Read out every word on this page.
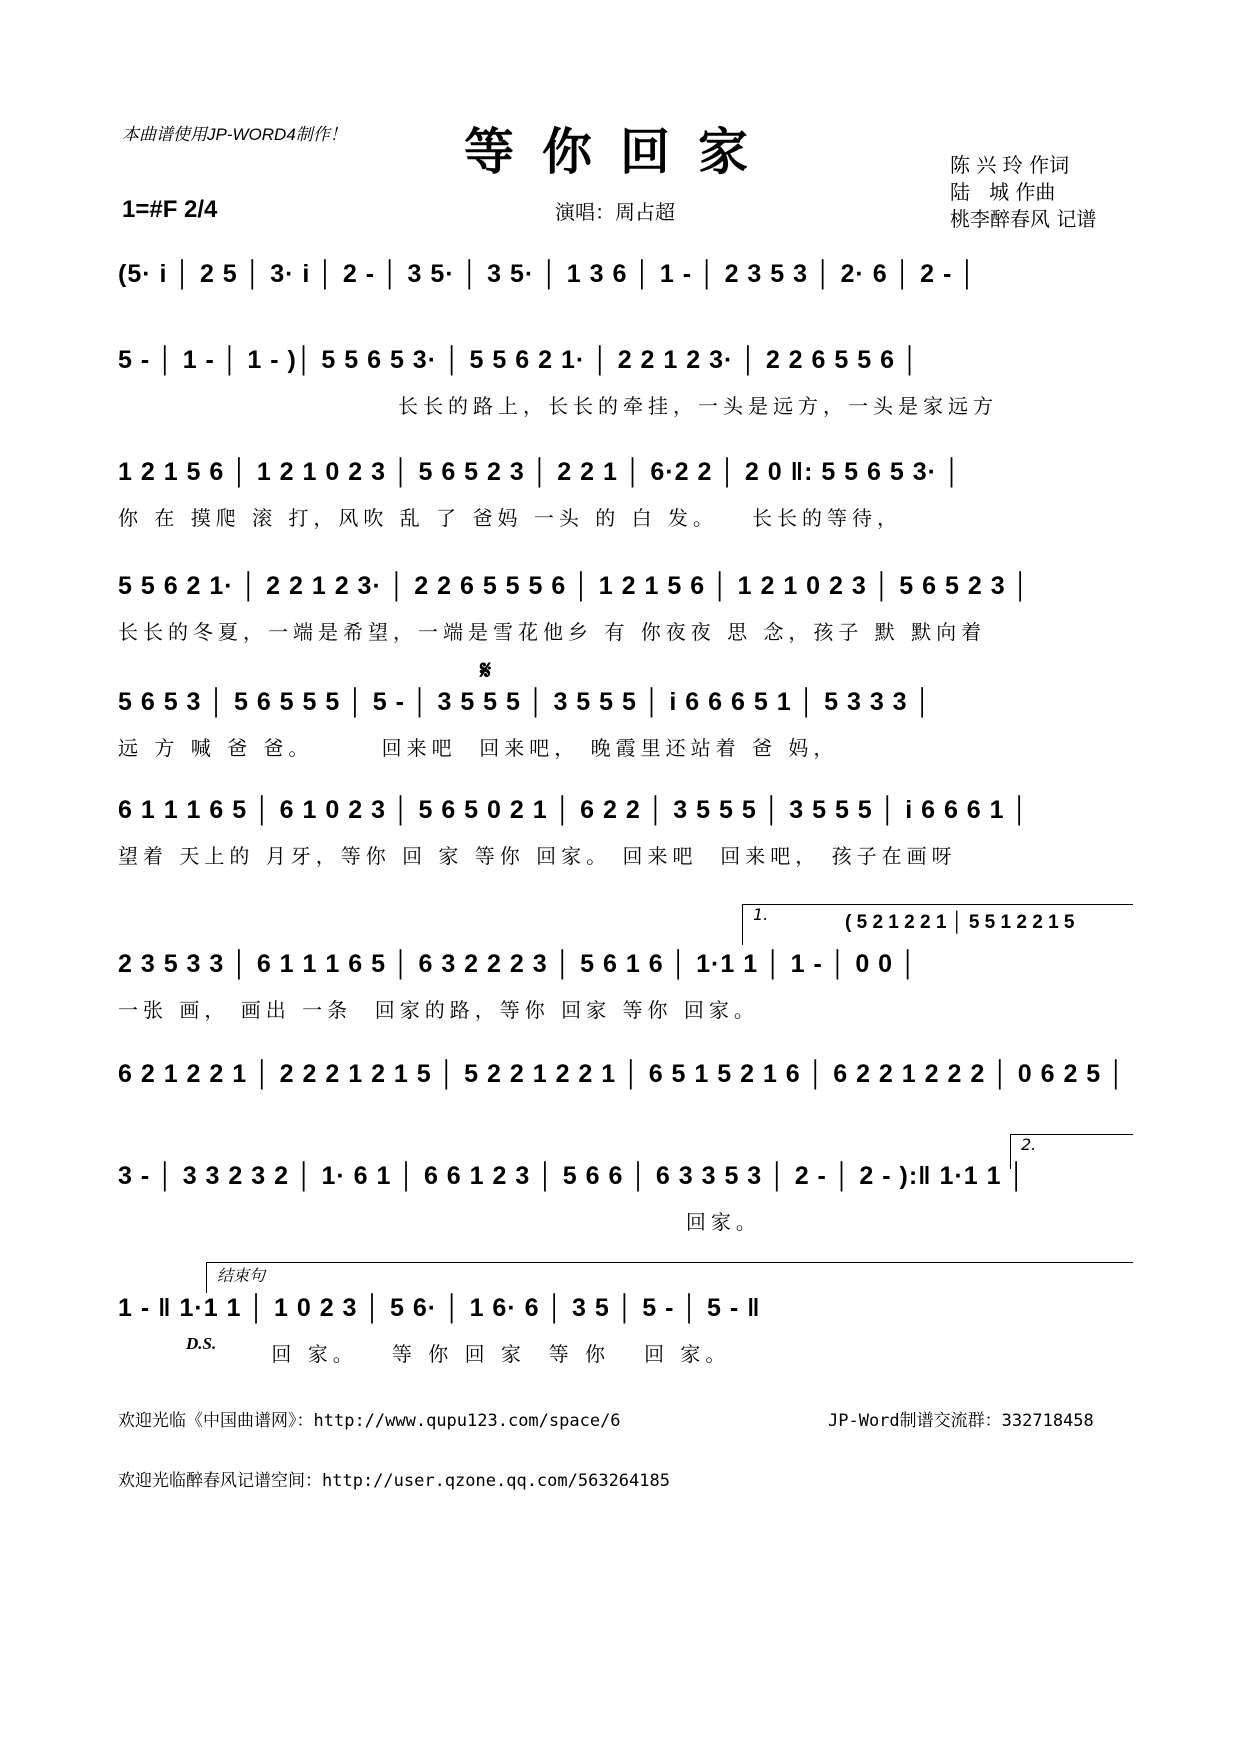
本曲谱使用JP-WORD4制作！	等你回家	陈 兴 玲 作词
陆   城 作曲
桃李醉春风 记谱
1=#F 2/4	演唱：周占超
(5· i │ 2 5 │ 3· i │ 2 - │ 3 5· │ 3 5· │ 1 3 6 │ 1 - │ 2 3 5 3 │ 2· 6 │ 2 - │
5 - │ 1 - │ 1 - )│ 5 5 6 5 3· │ 5 5 6 2 1· │ 2 2 1 2 3· │ 2 2 6 5 5 6 │
长长的路上，长长的牵挂，一头是远方，一头是家远方
1 2 1 5 6 │ 1 2 1 0 2 3 │ 5 6 5 2 3 │ 2 2 1 │ 6·2 2 │ 2 0 ‖: 5 5 6 5 3· │
你 在 摸爬 滚 打，风吹 乱 了 爸妈 一头 的 白 发。   长长的等待，
5 5 6 2 1· │ 2 2 1 2 3· │ 2 2 6 5 5 5 6 │ 1 2 1 5 6 │ 1 2 1 0 2 3 │ 5 6 5 2 3 │
长长的冬夏，一端是希望，一端是雪花他乡 有 你夜夜 思 念，孩子 默 默向着
𝄋
5 6 5 3 │ 5 6 5 5 5 │ 5 - │ 3 5 5 5 │ 3 5 5 5 │ i 6 6 6 5 1 │ 5 3 3 3 │
远 方 喊 爸 爸。      回来吧  回来吧， 晚霞里还站着 爸 妈，
6 1 1 1 6 5 │ 6 1 0 2 3 │ 5 6 5 0 2 1 │ 6 2 2 │ 3 5 5 5 │ 3 5 5 5 │ i 6 6 6 1 │
望着 天上的 月牙，等你 回 家 等你 回家。 回来吧  回来吧， 孩子在画呀
1.	( 5 2 1 2 2 1 │ 5 5 1 2 2 1 5
2 3 5 3 3 │ 6 1 1 1 6 5 │ 6 3 2 2 2 3 │ 5 6 1 6 │ 1·1 1 │ 1 - │ 0 0 │
一张 画， 画出 一条  回家的路，等你 回家 等你 回家。
6 2 1 2 2 1 │ 2 2 2 1 2 1 5 │ 5 2 2 1 2 2 1 │ 6 5 1 5 2 1 6 │ 6 2 2 1 2 2 2 │ 0 6 2 5 │
2.
3 - │ 3 3 2 3 2 │ 1· 6 1 │ 6 6 1 2 3 │ 5 6 6 │ 6 3 3 5 3 │ 2 - │ 2 - ):‖ 1·1 1 │
回家。
结束句
1 - ‖ 1·1 1 │ 1 0 2 3 │ 5 6· │ 1 6· 6 │ 3 5 │ 5 - │ 5 - ‖
回 家。   等 你 回 家  等 你   回 家。
D.S.
欢迎光临《中国曲谱网》：http://www.qupu123.com/space/6	JP-Word制谱交流群：332718458
欢迎光临醉春风记谱空间：http://user.qzone.qq.com/563264185
